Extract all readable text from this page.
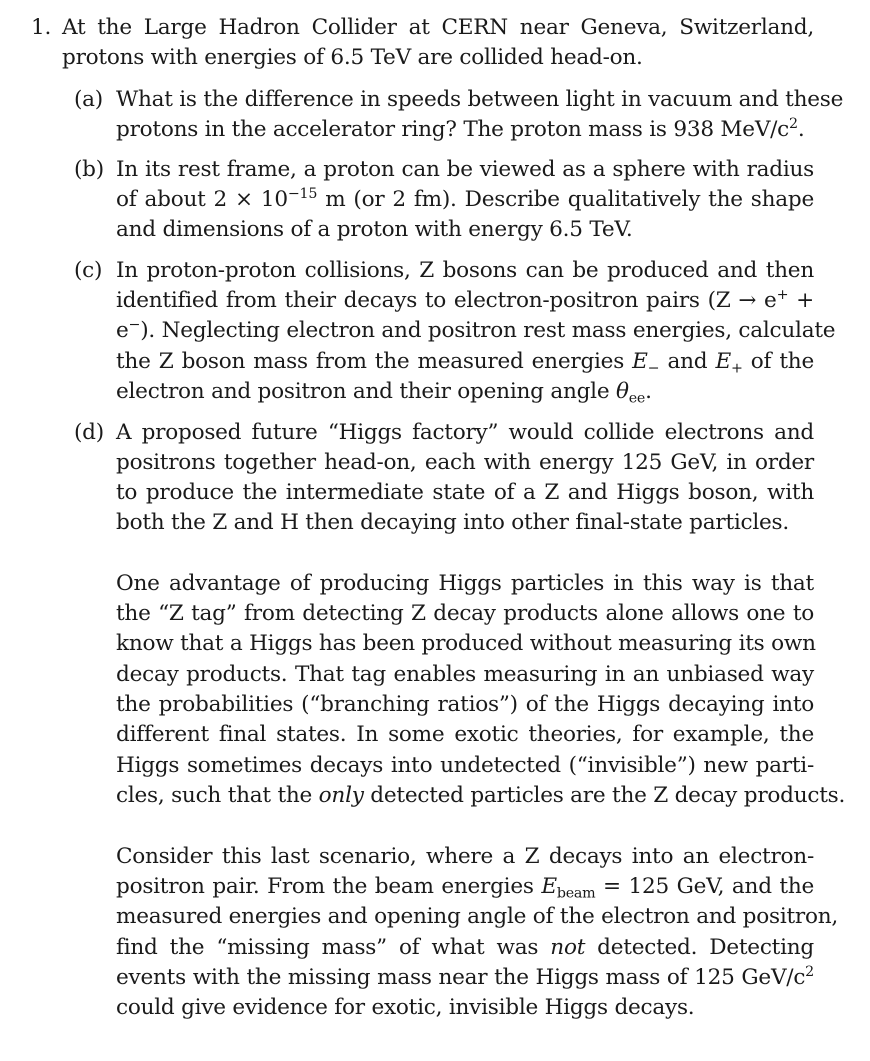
1. At the Large Hadron Collider at CERN near Geneva, Switzerland,
protons with energies of 6.5 TeV are collided head-on.
(a) What is the difference in speeds between light in vacuum and these
protons in the accelerator ring? The proton mass is 938 MeV/$c^2$.
(b) In its rest frame, a proton can be viewed as a sphere with radius
of about $2 \times 10^{-15}$ m (or 2 fm). Describe qualitatively the shape
and dimensions of a proton with energy 6.5 TeV.
(c) In proton-proton collisions, Z bosons can be produced and then
identified from their decays to electron-positron pairs (Z → e+ +
e−). Neglecting electron and positron rest mass energies, calculate
the Z boson mass from the measured energies $E_-$ and $E_+$ of the
electron and positron and their opening angle $\theta_{ee}$.
(d) A proposed future “Higgs factory” would collide electrons and
positrons together head-on, each with energy 125 GeV, in order
to produce the intermediate state of a Z and Higgs boson, with
both the Z and H then decaying into other final-state particles.
One advantage of producing Higgs particles in this way is that
the “Z tag” from detecting Z decay products alone allows one to
know that a Higgs has been produced without measuring its own
decay products. That tag enables measuring in an unbiased way
the probabilities (“branching ratios”) of the Higgs decaying into
different final states. In some exotic theories, for example, the
Higgs sometimes decays into undetected (“invisible”) new parti-
cles, such that the only detected particles are the Z decay products.
Consider this last scenario, where a Z decays into an electron-
positron pair. From the beam energies $E_{beam} = 125$ GeV, and the
measured energies and opening angle of the electron and positron,
find the “missing mass” of what was not detected. Detecting
events with the missing mass near the Higgs mass of 125 GeV/$c^2$
could give evidence for exotic, invisible Higgs decays.
